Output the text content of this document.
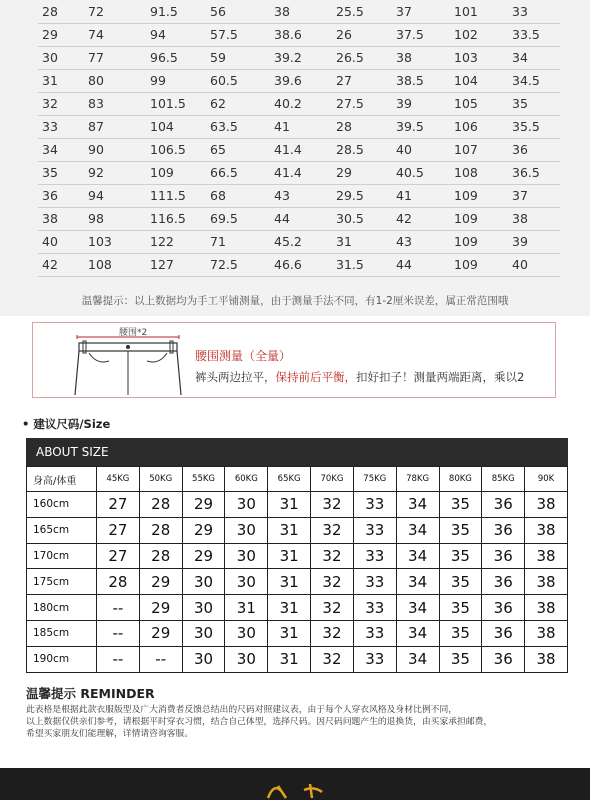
28	72	91.5	56	38	25.5	37	101	33
29	74	94	57.5	38.6	26	37.5	102	33.5
30	77	96.5	59	39.2	26.5	38	103	34
31	80	99	60.5	39.6	27	38.5	104	34.5
32	83	101.5	62	40.2	27.5	39	105	35
33	87	104	63.5	41	28	39.5	106	35.5
34	90	106.5	65	41.4	28.5	40	107	36
35	92	109	66.5	41.4	29	40.5	108	36.5
36	94	111.5	68	43	29.5	41	109	37
38	98	116.5	69.5	44	30.5	42	109	38
40	103	122	71	45.2	31	43	109	39
42	108	127	72.5	46.6	31.5	44	109	40
温馨提示：以上数据均为手工平铺测量，由于测量手法不同，有1-2厘米误差，属正常范围哦
腰围*2
腰围测量（全量）
裤头两边拉平，保持前后平衡，扣好扣子！测量两端距离，乘以2
• 建议尺码/Size
ABOUT SIZE
身高/体重	45KG	50KG	55KG	60KG	65KG	70KG	75KG	78KG	80KG	85KG	90K
160cm	27	28	29	30	31	32	33	34	35	36	38
165cm	27	28	29	30	31	32	33	34	35	36	38
170cm	27	28	29	30	31	32	33	34	35	36	38
175cm	28	29	30	30	31	32	33	34	35	36	38
180cm	--	29	30	31	31	32	33	34	35	36	38
185cm	--	29	30	30	31	32	33	34	35	36	38
190cm	--	--	30	30	31	32	33	34	35	36	38
温馨提示 REMINDER
此表格是根据此款衣服版型及广大消费者反馈总结出的尺码对照建议表，由于每个人穿衣风格及身材比例不同，
以上数据仅供亲们参考，请根据平时穿衣习惯，结合自己体型，选择尺码。因尺码问题产生的退换货，由买家承担邮费，
希望买家朋友们能理解，详情请咨询客服。
